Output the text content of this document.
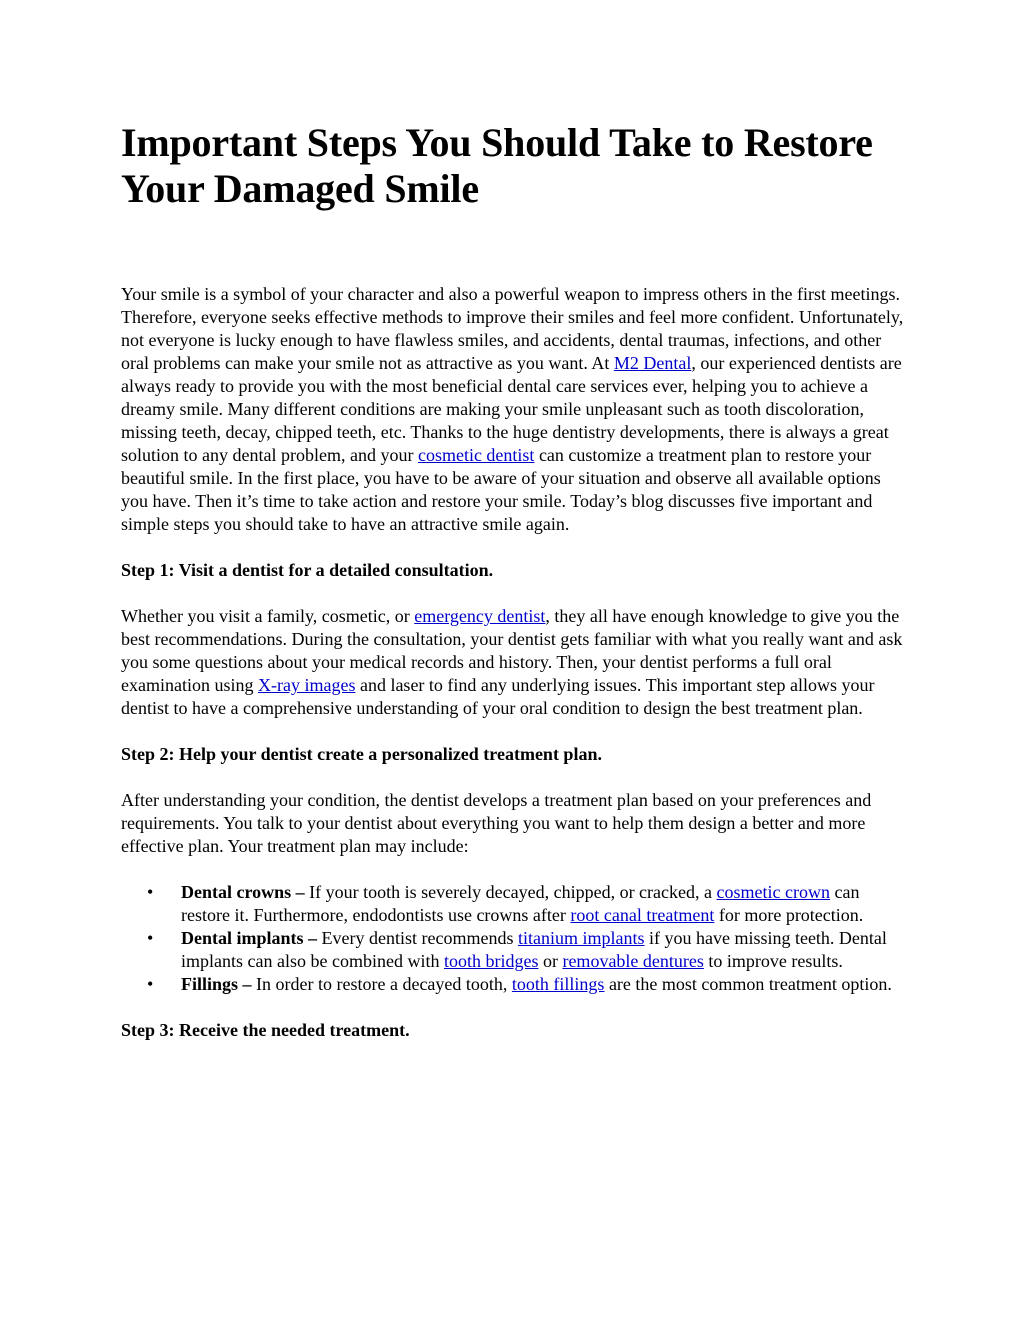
Important Steps You Should Take to Restore Your Damaged Smile

Your smile is a symbol of your character and also a powerful weapon to impress others in the first meetings. Therefore, everyone seeks effective methods to improve their smiles and feel more confident. Unfortunately, not everyone is lucky enough to have flawless smiles, and accidents, dental traumas, infections, and other oral problems can make your smile not as attractive as you want. At M2 Dental, our experienced dentists are always ready to provide you with the most beneficial dental care services ever, helping you to achieve a dreamy smile. Many different conditions are making your smile unpleasant such as tooth discoloration, missing teeth, decay, chipped teeth, etc. Thanks to the huge dentistry developments, there is always a great solution to any dental problem, and your cosmetic dentist can customize a treatment plan to restore your beautiful smile. In the first place, you have to be aware of your situation and observe all available options you have. Then it’s time to take action and restore your smile. Today’s blog discusses five important and simple steps you should take to have an attractive smile again.

Step 1: Visit a dentist for a detailed consultation.

Whether you visit a family, cosmetic, or emergency dentist, they all have enough knowledge to give you the best recommendations. During the consultation, your dentist gets familiar with what you really want and ask you some questions about your medical records and history. Then, your dentist performs a full oral examination using X-ray images and laser to find any underlying issues. This important step allows your dentist to have a comprehensive understanding of your oral condition to design the best treatment plan.

Step 2: Help your dentist create a personalized treatment plan.

After understanding your condition, the dentist develops a treatment plan based on your preferences and requirements. You talk to your dentist about everything you want to help them design a better and more effective plan. Your treatment plan may include:

• Dental crowns – If your tooth is severely decayed, chipped, or cracked, a cosmetic crown can restore it. Furthermore, endodontists use crowns after root canal treatment for more protection.
• Dental implants – Every dentist recommends titanium implants if you have missing teeth. Dental implants can also be combined with tooth bridges or removable dentures to improve results.
• Fillings – In order to restore a decayed tooth, tooth fillings are the most common treatment option.

Step 3: Receive the needed treatment.
